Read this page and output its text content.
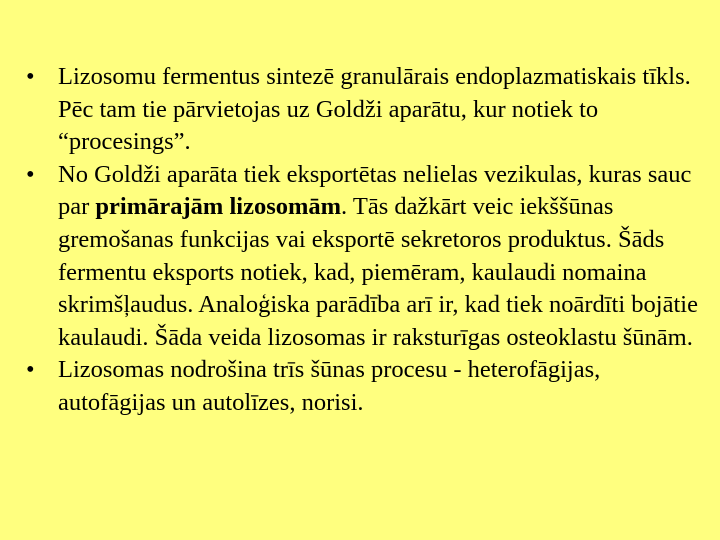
• Lizosomu fermentus sintezē granulārais endoplazmatiskais tīkls. Pēc tam tie pārvietojas uz Goldži aparātu, kur notiek to “procesings”.
• No Goldži aparāta tiek eksportētas nelielas vezikulas, kuras sauc par primārajām lizosomām. Tās dažkārt veic iekššūnas gremošanas funkcijas vai eksportē sekretoros produktus. Šāds fermentu eksports notiek, kad, piemēram, kaulaudi nomaina skrimšļaudus. Analoģiska parādība arī ir, kad tiek noārdīti bojātie kaulaudi. Šāda veida lizosomas ir raksturīgas osteoklastu šūnām.
• Lizosomas nodrošina trīs šūnas procesu - heterofāgijas, autofāgijas un autolīzes, norisi.
